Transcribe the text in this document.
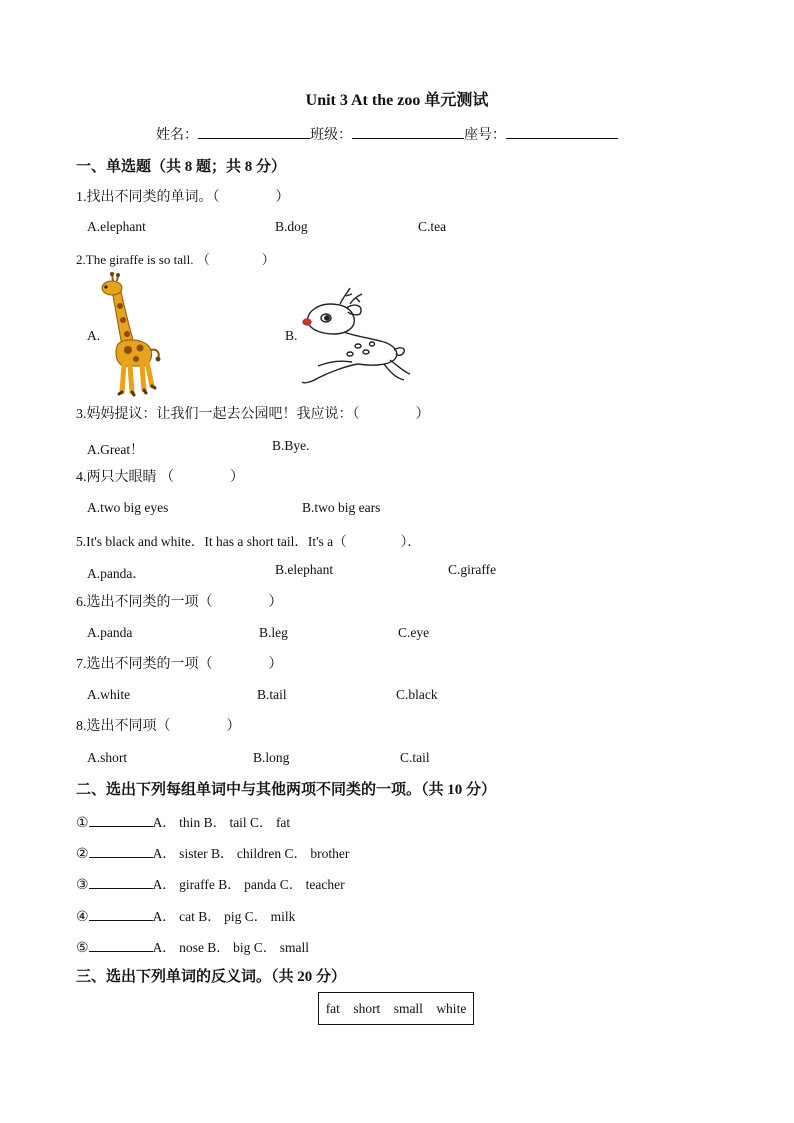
Unit 3 At the zoo 单元测试
姓名：	班级：	座号：
一、单选题（共 8 题；共 8 分）
1.找出不同类的单词。（　　　　）
A.elephant	B.dog	C.tea
2.The giraffe is so tall. （　　　　）
A.	B.
3.妈妈提议：让我们一起去公园吧！我应说：（　　　　）
A.Great！	B.Bye.
4.两只大眼睛 （　　　　）
A.two big eyes	B.two big ears
5.It's black and white．It has a short tail．It's a（　　　　）．
A.panda．	B.elephant	C.giraffe
6.选出不同类的一项（　　　　）
A.panda	B.leg	C.eye
7.选出不同类的一项（　　　　）
A.white	B.tail	C.black
8.选出不同项（　　　　）
A.short	B.long	C.tail
二、选出下列每组单词中与其他两项不同类的一项。（共 10 分）
①	A． thin B． tail C． fat
②	A． sister B． children C． brother
③	A． giraffe B． panda C． teacher
④	A． cat B． pig C． milk
⑤	A． nose B． big C． small
三、选出下列单词的反义词。（共 20 分）
fat short small white
